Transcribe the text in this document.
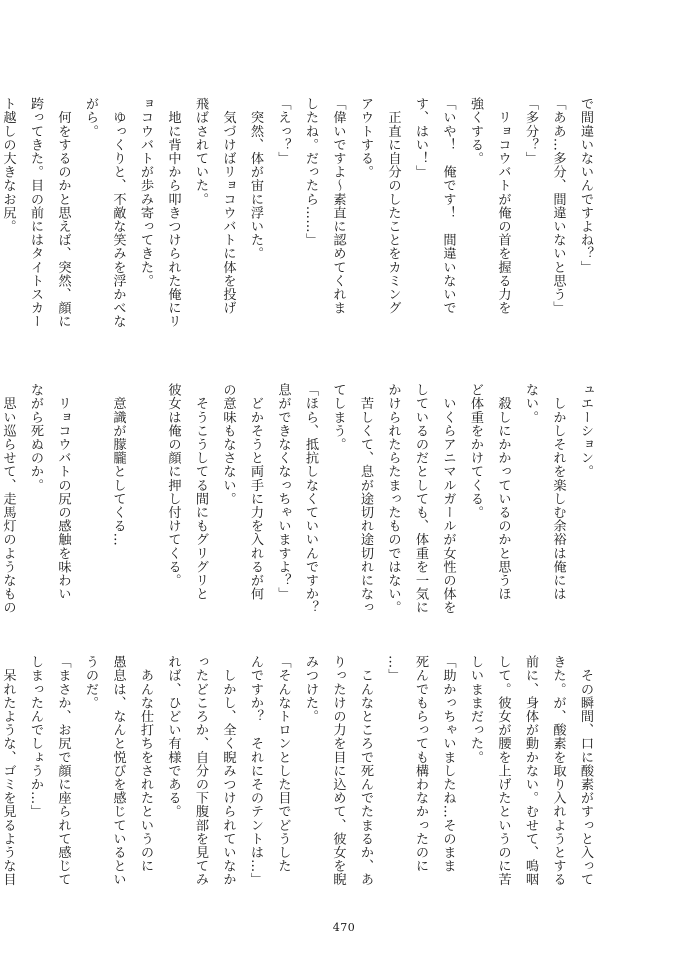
で間違いないんですよね？」
「ああ…多分、間違いないと思う」
「多分？」
　リョコウバトが俺の首を握る力を
強くする。
「いや！　俺です！　間違いないで
す、はい！」
　正直に自分のしたことをカミング
アウトする。
「偉いですよ〜素直に認めてくれま
したね。だったら……」
「えっ？」
　突然、体が宙に浮いた。
　気づけばリョコウバトに体を投げ
飛ばされていた。
　地に背中から叩きつけられた俺にリ
ョコウバトが歩み寄ってきた。
　ゆっくりと、不敵な笑みを浮かべな
がら。
　何をするのかと思えば、突然、顔に
跨ってきた。目の前にはタイトスカー
ト越しの大きなお尻。
ュエーション。
　しかしそれを楽しむ余裕は俺には
ない。
　殺しにかかっているのかと思うほ
ど体重をかけてくる。
　いくらアニマルガールが女性の体を
しているのだとしても、体重を一気に
かけられたらたまったものではない。
　苦しくて、息が途切れ途切れになっ
てしまう。
「ほら、抵抗しなくていいんですか？
息ができなくなっちゃいますよ？」
　どかそうと両手に力を入れるが何
の意味もなさない。
　そうこうしてる間にもグリグリと
彼女は俺の顔に押し付けてくる。

　意識が朦朧としてくる…

　リョコウバトの尻の感触を味わい
ながら死ぬのか。
　思い巡らせて、走馬灯のようなもの
　その瞬間、口に酸素がすっと入って
きた。が、酸素を取り入れようとする
前に、身体が動かない。むせて、嗚咽
して。彼女が腰を上げたというのに苦
しいままだった。
「助かっちゃいましたね…そのまま
死んでもらっても構わなかったのに
…」
　こんなところで死んでたまるか、あ
りったけの力を目に込めて、彼女を睨
みつけた。
「そんなトロンとした目でどうした
んですか？　それにそのテントは…」
　しかし、全く睨みつけられていなか
ったどころか、自分の下腹部を見てみ
れば、ひどい有様である。
　あんな仕打ちをされたというのに
愚息は、なんと悦びを感じているとい
うのだ。
「まさか、お尻で顔に座られて感じて
しまったんでしょうか…」
　呆れたような、ゴミを見るような目
470
